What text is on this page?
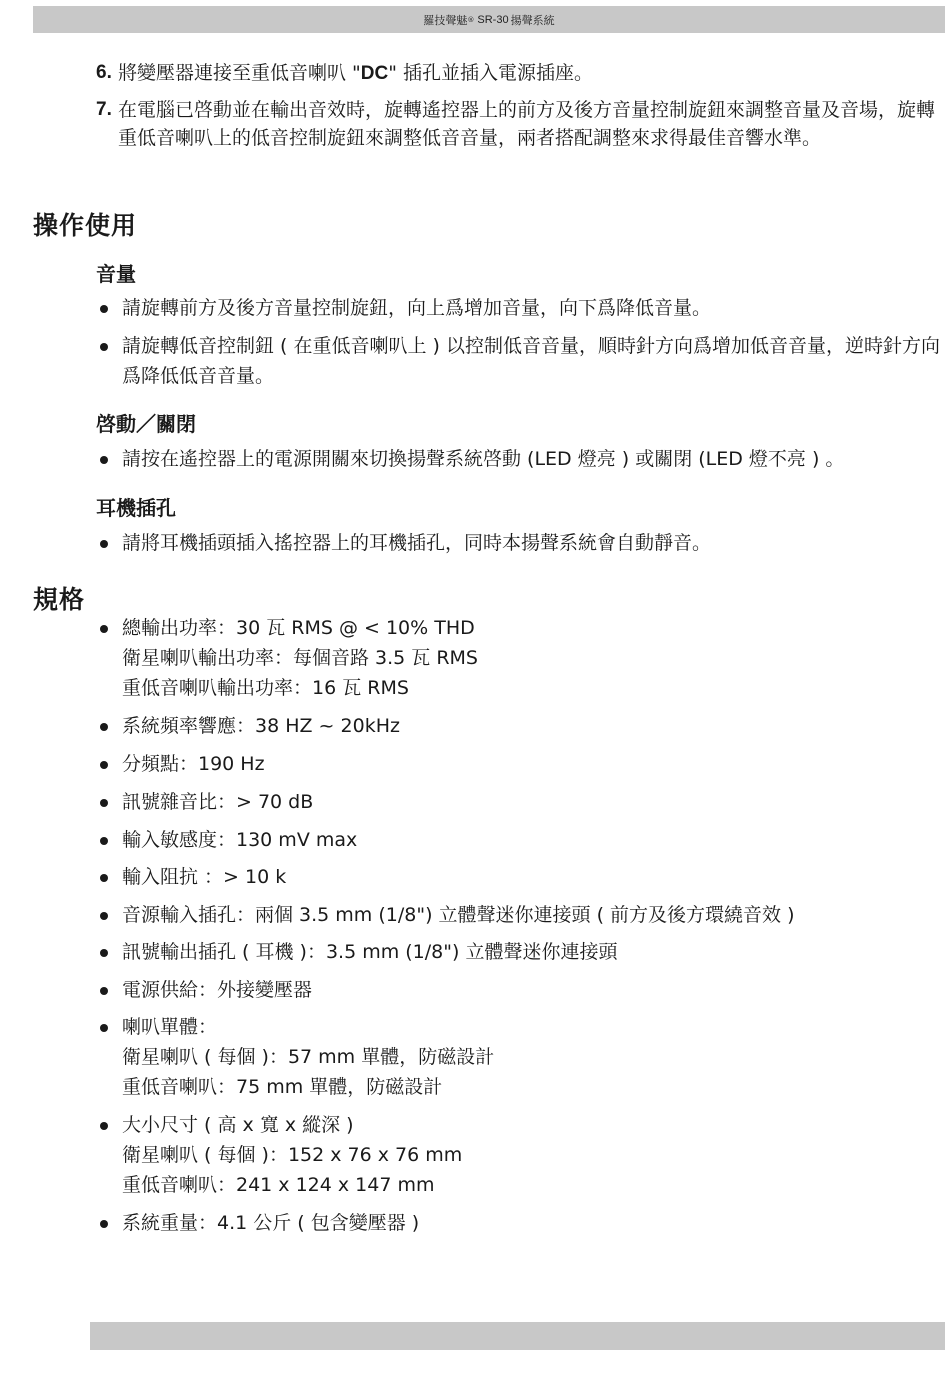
羅技聲魅 ® SR-30 揚聲系統
6. 將變壓器連接至重低音喇叭 "DC" 插孔並插入電源插座。
7. 在電腦已啓動並在輸出音效時，旋轉遙控器上的前方及後方音量控制旋鈕來調整音量及音場，旋轉重低音喇叭上的低音控制旋鈕來調整低音音量，兩者搭配調整來求得最佳音響水準。
操作使用
音量
請旋轉前方及後方音量控制旋鈕，向上爲增加音量，向下爲降低音量。
請旋轉低音控制鈕 ( 在重低音喇叭上 ) 以控制低音音量，順時針方向爲增加低音音量，逆時針方向爲降低低音音量。
啓動／關閉
請按在遙控器上的電源開關來切換揚聲系統啓動 (LED 燈亮 ) 或關閉 (LED 燈不亮 ) 。
耳機插孔
請將耳機插頭插入搖控器上的耳機插孔，同時本揚聲系統會自動靜音。
規格
總輸出功率：30 瓦 RMS @ < 10% THD
衛星喇叭輸出功率：每個音路 3.5 瓦 RMS
重低音喇叭輸出功率：16 瓦 RMS
系統頻率響應：38 HZ ~ 20kHz
分頻點：190 Hz
訊號雜音比：> 70 dB
輸入敏感度：130 mV max
輸入阻抗 ：> 10 k
音源輸入插孔：兩個 3.5 mm (1/8") 立體聲迷你連接頭 ( 前方及後方環繞音效 )
訊號輸出插孔 ( 耳機 )：3.5 mm (1/8") 立體聲迷你連接頭
電源供給：外接變壓器
喇叭單體：
衛星喇叭 ( 每個 )：57 mm 單體，防磁設計
重低音喇叭：75 mm 單體，防磁設計
大小尺寸 ( 高 x 寬 x 縱深 )
衛星喇叭 ( 每個 )：152 x 76 x 76 mm
重低音喇叭：241 x 124 x 147 mm
系統重量：4.1 公斤 ( 包含變壓器 )
